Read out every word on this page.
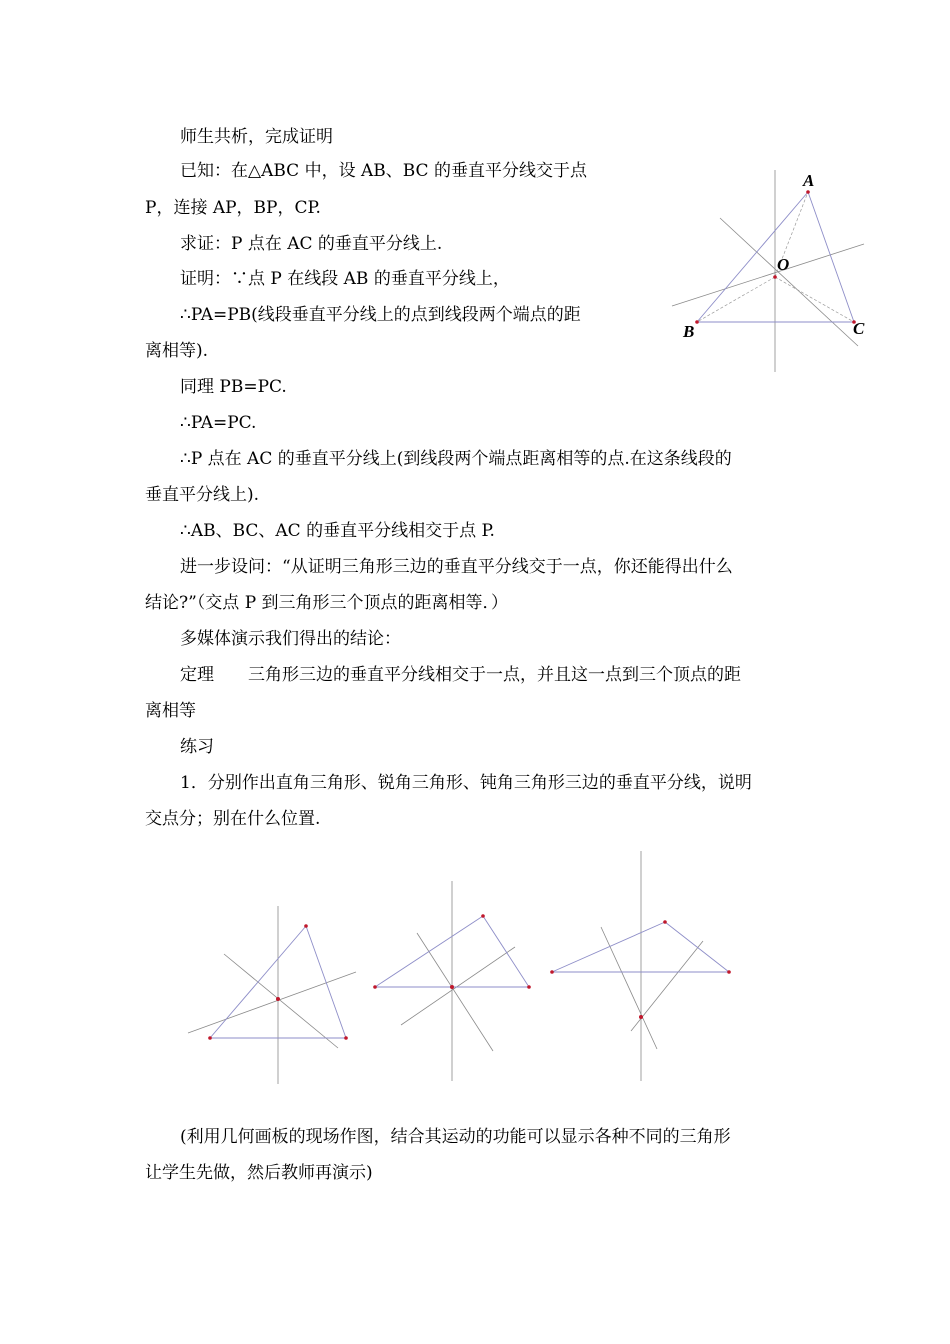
师生共析，完成证明
已知：在△ABC 中，设 AB、BC 的垂直平分线交于点
P，连接 AP，BP，CP.
求证：P 点在 AC 的垂直平分线上.
证明：∵点 P 在线段 AB 的垂直平分线上，
∴PA=PB(线段垂直平分线上的点到线段两个端点的距
离相等).
同理 PB=PC.
∴PA=PC.
∴P 点在 AC 的垂直平分线上(到线段两个端点距离相等的点.在这条线段的
垂直平分线上).
∴AB、BC、AC 的垂直平分线相交于点 P.
进一步设问：“从证明三角形三边的垂直平分线交于一点，你还能得出什么
结论?”（交点 P 到三角形三个顶点的距离相等．）
多媒体演示我们得出的结论：
定理　　三角形三边的垂直平分线相交于一点，并且这一点到三个顶点的距
离相等
练习
1．分别作出直角三角形、锐角三角形、钝角三角形三边的垂直平分线，说明
交点分；别在什么位置.
(利用几何画板的现场作图，结合其运动的功能可以显示各种不同的三角形
让学生先做，然后教师再演示)
A
O
B	C
